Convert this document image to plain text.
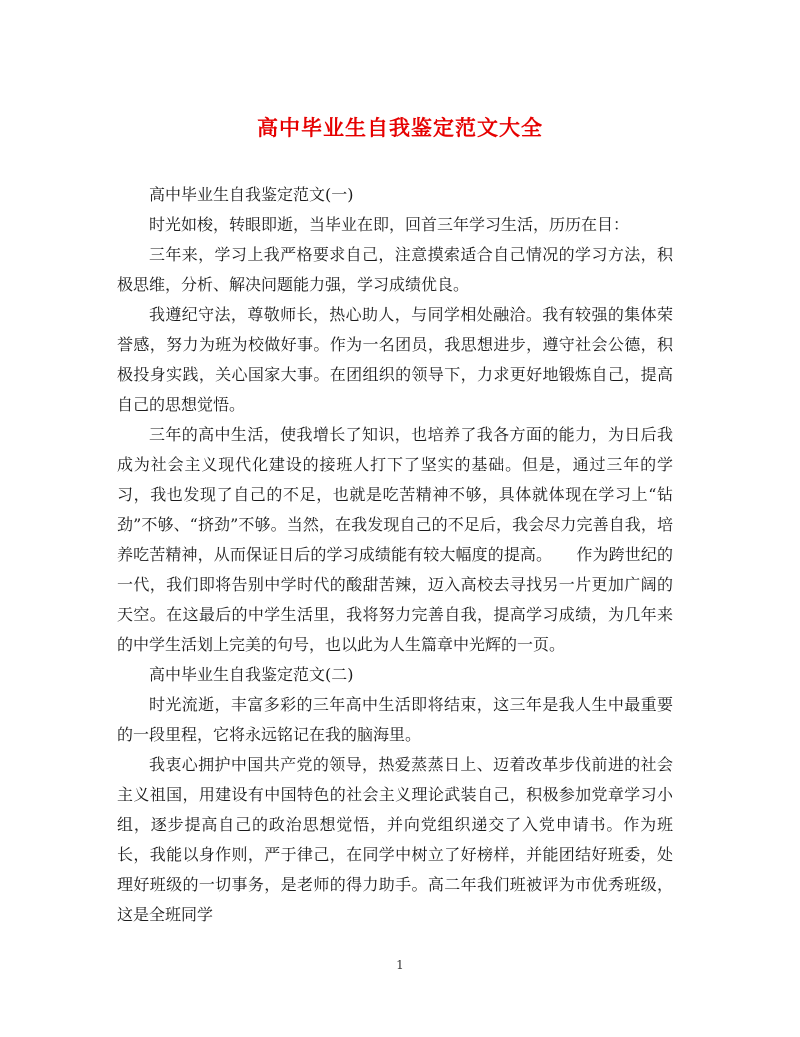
高中毕业生自我鉴定范文大全

高中毕业生自我鉴定范文(一)

时光如梭，转眼即逝，当毕业在即，回首三年学习生活，历历在目：

三年来，学习上我严格要求自己，注意摸索适合自己情况的学习方法，积极思维，分析、解决问题能力强，学习成绩优良。

我遵纪守法，尊敬师长，热心助人，与同学相处融洽。我有较强的集体荣誉感，努力为班为校做好事。作为一名团员，我思想进步，遵守社会公德，积极投身实践，关心国家大事。在团组织的领导下，力求更好地锻炼自己，提高自己的思想觉悟。

三年的高中生活，使我增长了知识，也培养了我各方面的能力，为日后我成为社会主义现代化建设的接班人打下了坚实的基础。但是，通过三年的学习，我也发现了自己的不足，也就是吃苦精神不够，具体就体现在学习上“钻劲”不够、“挤劲”不够。当然，在我发现自己的不足后，我会尽力完善自我，培养吃苦精神，从而保证日后的学习成绩能有较大幅度的提高。　　作为跨世纪的一代，我们即将告别中学时代的酸甜苦辣，迈入高校去寻找另一片更加广阔的天空。在这最后的中学生活里，我将努力完善自我，提高学习成绩，为几年来的中学生活划上完美的句号，也以此为人生篇章中光辉的一页。

高中毕业生自我鉴定范文(二)

时光流逝，丰富多彩的三年高中生活即将结束，这三年是我人生中最重要的一段里程，它将永远铭记在我的脑海里。

我衷心拥护中国共产党的领导，热爱蒸蒸日上、迈着改革步伐前进的社会主义祖国，用建设有中国特色的社会主义理论武装自己，积极参加党章学习小组，逐步提高自己的政治思想觉悟，并向党组织递交了入党申请书。作为班长，我能以身作则，严于律己，在同学中树立了好榜样，并能团结好班委，处理好班级的一切事务，是老师的得力助手。高二年我们班被评为市优秀班级，这是全班同学

1
